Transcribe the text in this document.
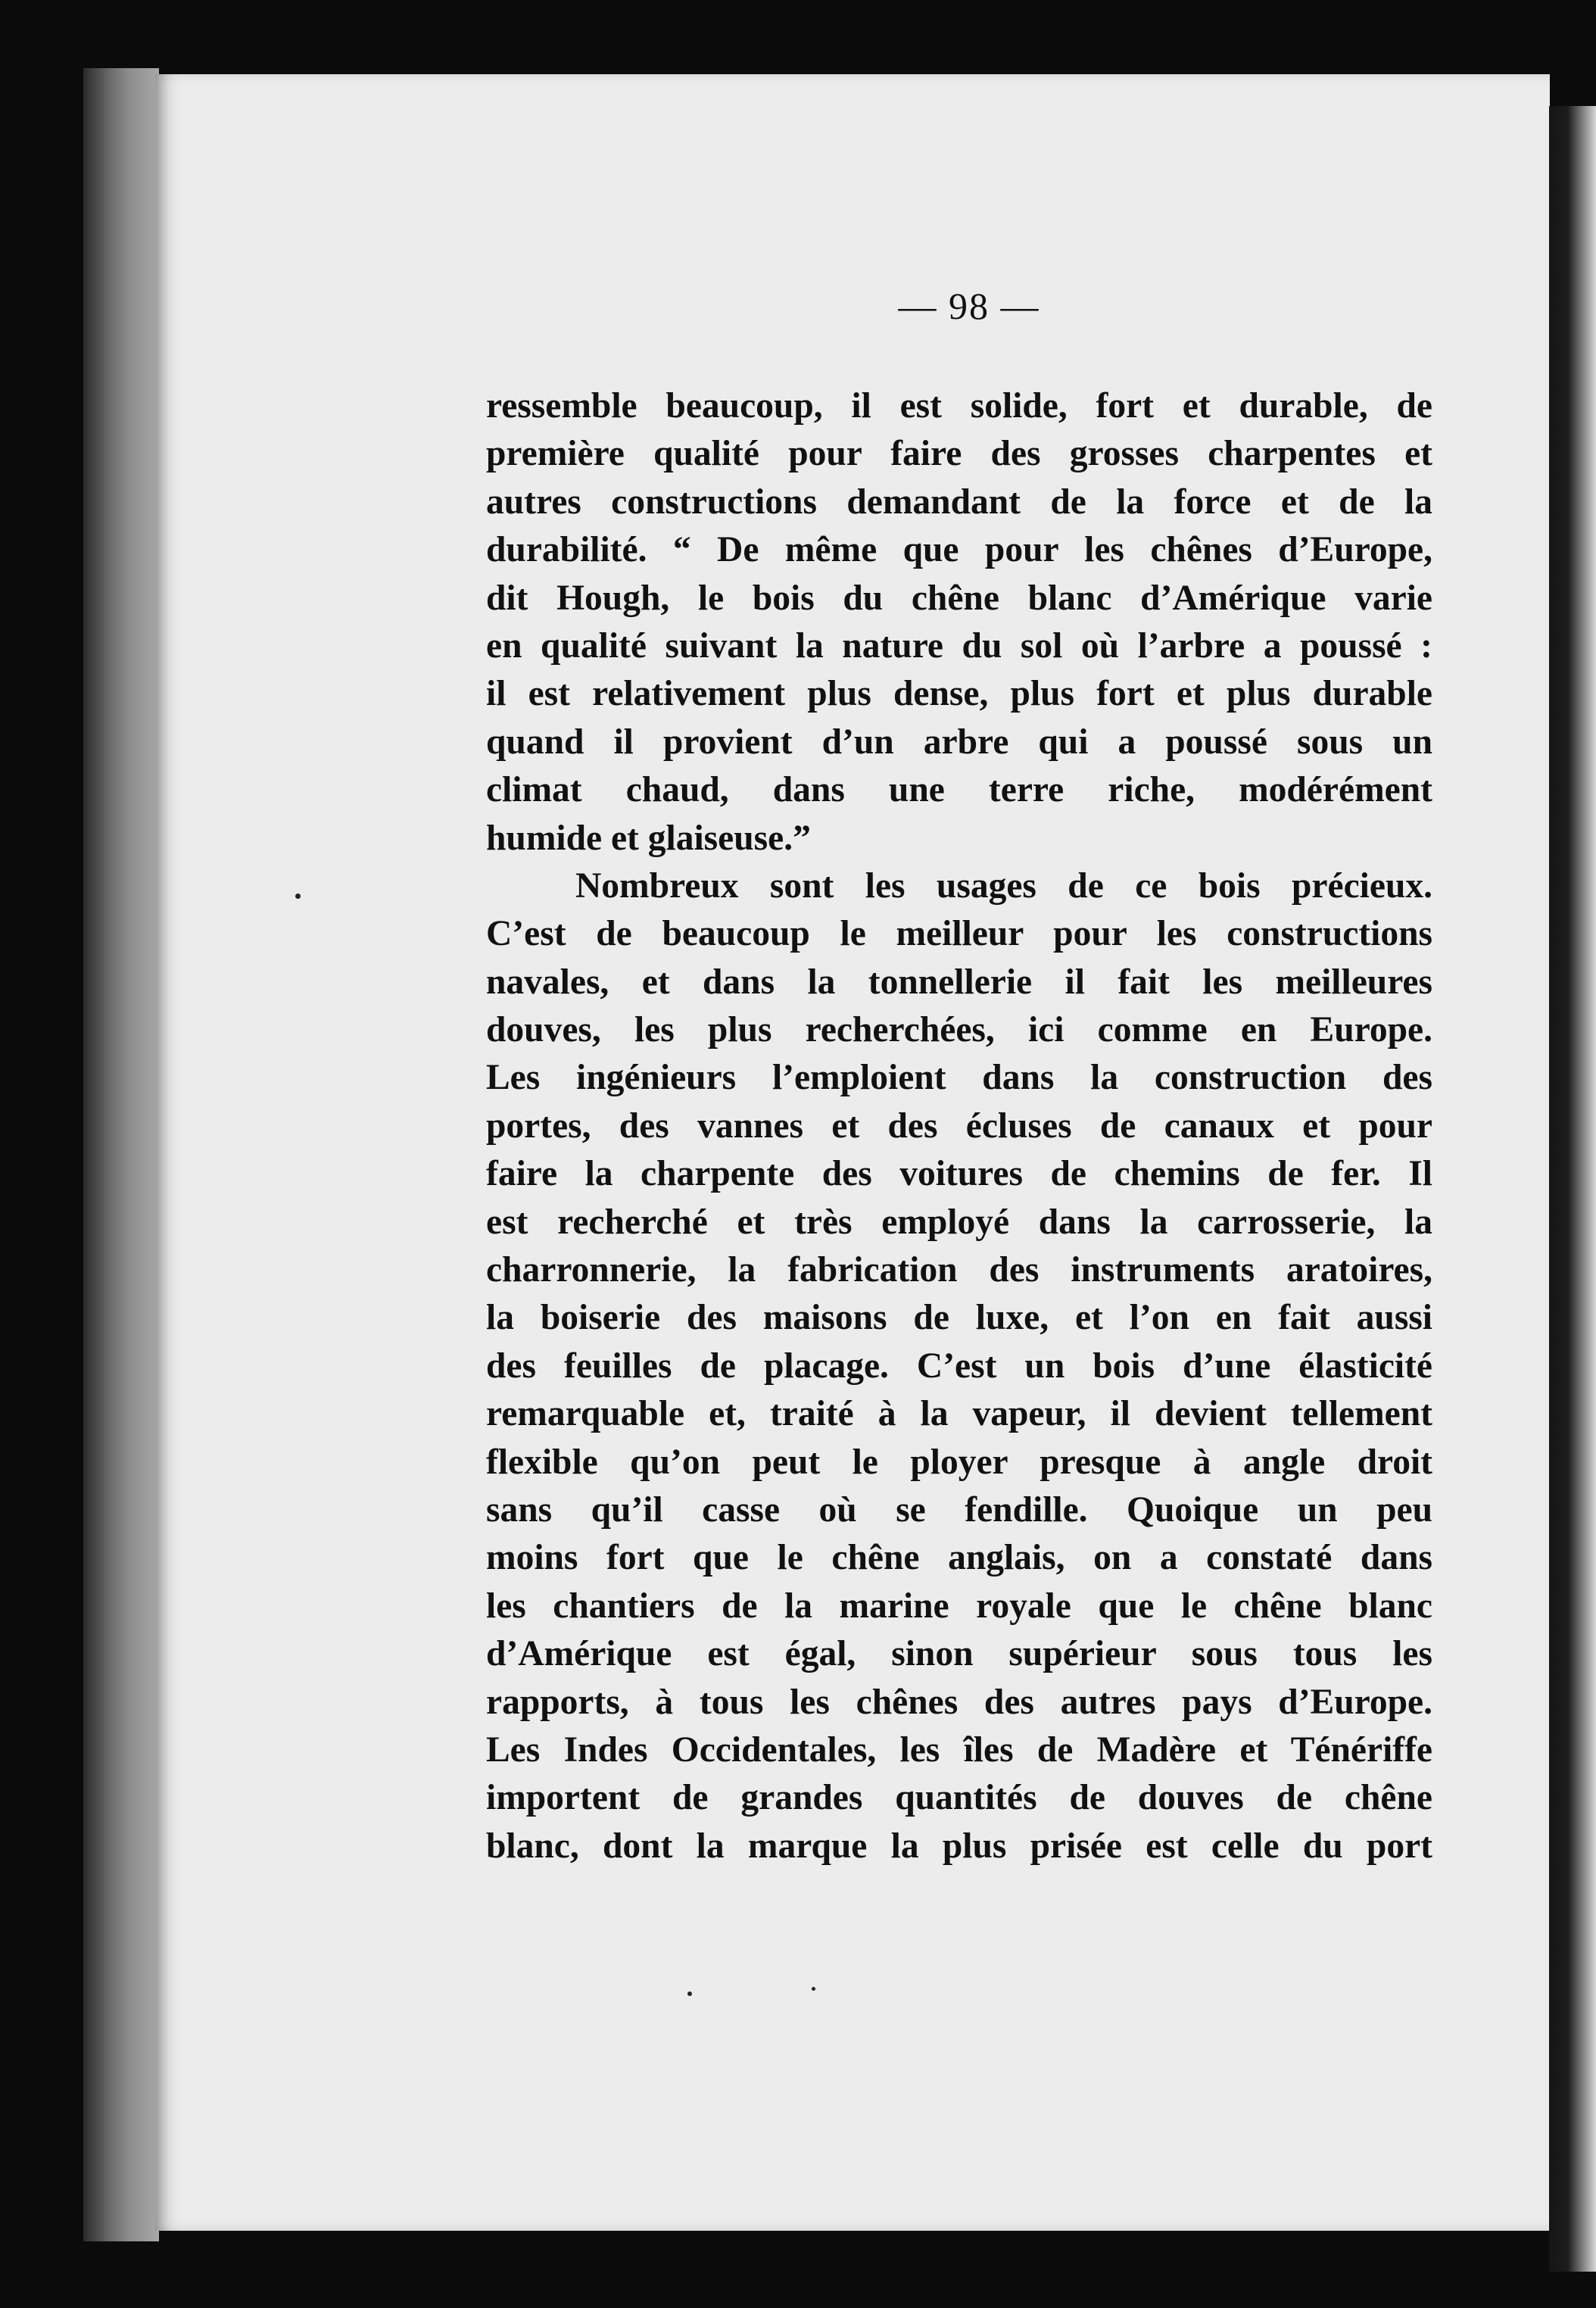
— 98 —
ressemble beaucoup, il est solide, fort et durable, de
première qualité pour faire des grosses charpentes et
autres constructions demandant de la force et de la
durabilité. “ De même que pour les chênes d’Europe,
dit Hough, le bois du chêne blanc d’Amérique varie
en qualité suivant la nature du sol où l’arbre a poussé :
il est relativement plus dense, plus fort et plus durable
quand il provient d’un arbre qui a poussé sous un
climat chaud, dans une terre riche, modérément
humide et glaiseuse.”
Nombreux sont les usages de ce bois précieux.
C’est de beaucoup le meilleur pour les constructions
navales, et dans la tonnellerie il fait les meilleures
douves, les plus recherchées, ici comme en Europe.
Les ingénieurs l’emploient dans la construction des
portes, des vannes et des écluses de canaux et pour
faire la charpente des voitures de chemins de fer. Il
est recherché et très employé dans la carrosserie, la
charronnerie, la fabrication des instruments aratoires,
la boiserie des maisons de luxe, et l’on en fait aussi
des feuilles de placage. C’est un bois d’une élasticité
remarquable et, traité à la vapeur, il devient tellement
flexible qu’on peut le ployer presque à angle droit
sans qu’il casse où se fendille. Quoique un peu
moins fort que le chêne anglais, on a constaté dans
les chantiers de la marine royale que le chêne blanc
d’Amérique est égal, sinon supérieur sous tous les
rapports, à tous les chênes des autres pays d’Europe.
Les Indes Occidentales, les îles de Madère et Ténériffe
importent de grandes quantités de douves de chêne
blanc, dont la marque la plus prisée est celle du port
